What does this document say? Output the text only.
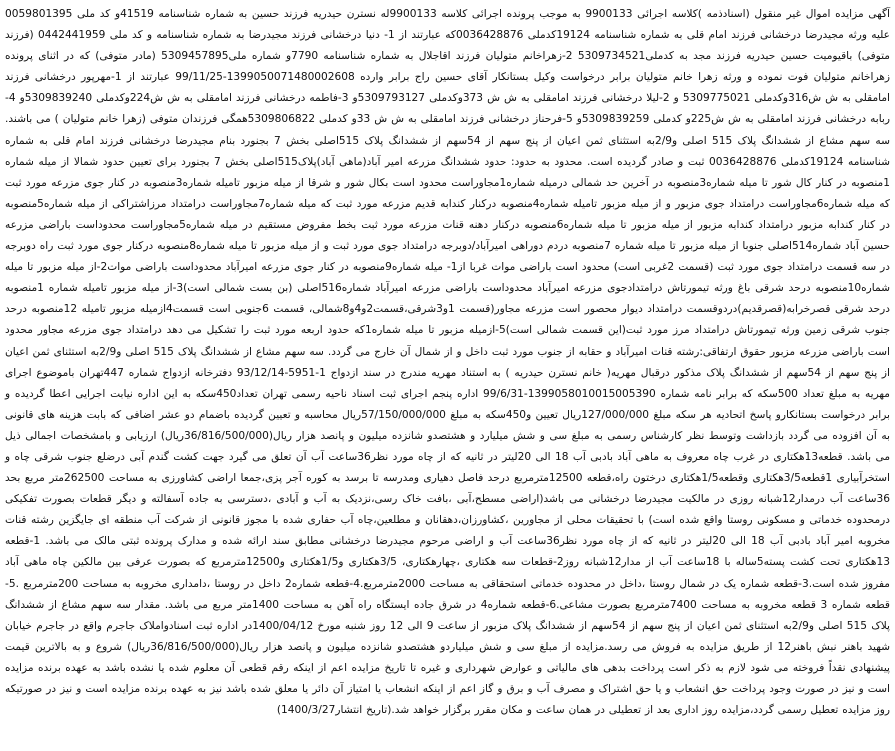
آگهی مزایده اموال غیر منقول (اسنادذمه )کلاسه اجرائی 9900133 به موجب پرونده اجرائی کلاسه 9900133له نسترن حیدریه فرزند حسین به شماره شناسنامه 41519و کد ملی 0059801395 علیه ورثه مجیدرضا درخشانی فرزند امام قلی به شماره شناسنامه 19124کدملی 0036428876که عبارتند از 1- دنیا درخشانی فرزند مجیدرضا به شماره شناسنامه و کد ملی 0442441959 (فرزند متوفی) باقیومیت حسین حیدریه فرزند مجد به کدملی5309734521 2-زهراخانم متولیان فرزند اقاجلال به شماره شناسنامه 7790و شماره ملی5309457895 (مادر متوفی) که در اثنای پرونده زهراخانم متولیان فوت نموده و ورثه زهرا خانم متولیان برابر درخواست وکیل بستانکار آقای حسین راج برابر وارده 1399050071480002608-99/11/25 عبارتند از 1-مهرپور درخشانی فرزند امامقلی به ش ش316وکدملی 5309775021 و 2-لیلا درخشانی فرزند امامقلی به ش ش 373وکدملی 5309793127و 3-فاطمه درخشانی فرزند امامقلی به ش ش224وکدملی 5309839240و 4-ربابه درخشانی فرزند امامقلی به ش ش225و کدملی 5309839259و 5-فرحناز درخشانی فرزند امامقلی به ش ش 33و کدملی 5309806822همگی فرزندان متوفی (زهرا خانم متولیان ) می باشند. سه سهم مشاع از ششدانگ پلاک 515 اصلی و2/9به استثنای ثمن اعیان از پنج سهم از 54سهم از ششدانگ پلاک 515اصلی بخش 7 بجنورد بنام مجیدرضا درخشانی فرزند امام قلی به شماره شناسنامه 19124کدملی 0036428876 ثبت و صادر گردیده است. محدود به حدود: حدود ششدانگ مزرعه امیر آباد(ماهی آباد)پلاک515اصلی بخش 7 بجنورد برای تعیین حدود شمالا از میله شماره 1منصوبه در کنار کال شور تا میله شماره3منصوبه در آخرین حد شمالی درمیله شماره1مجاوراست محدود است بکال شور و شرقا از میله مزبور تامیله شماره3منصوبه در کنار جوی مزرعه مورد ثبت که میله شماره6مجاوراست درامتداد جوی مزبور و از میله مزبور تامیله شماره4منصوبه درکنار کندابه قدیم مزرعه مورد ثبت که میله شماره7مجاوراست درامتداد مرزاشتراکی از میله شماره5منصوبه در کنار کندابه مزبور درامتداد کندابه مزبور از میله مزبور تا میله شماره6منصوبه درکنار دهنه قنات مزرعه مورد ثبت بخط مفروض مستقیم در میله شماره5مجاوراست محدوداست باراضی مزرعه حسین آباد شماره514اصلی جنوبا از میله مزبور تا میله شماره 7منصوبه دردم دوراهی امیرآباد/دوبرجه درامتداد جوی مورد ثبت و از میله مزبور تا میله شماره8منصوبه درکنار جوی مورد ثبت راه دوبرجه در سه قسمت درامتداد جوی مورد ثبت (قسمت 2غربی است) محدود است باراضی موات غربا از1- میله شماره9منصوبه در کنار جوی مزرعه امیرآباد محدوداست باراضی موات2-از میله مزبور تا میله شماره10منصوبه درحد شرقی باغ ورثه تیمورتاش درامتدادجوی مزرعه امیرآباد محدوداست باراضی مزرعه امیرآباد شماره516اصلی (بن بست شمالی است)3-از میله مزبور تامیله شماره 1منصوبه درحد شرقی قصرخرابه(قصرقدیم)دردوقسمت درامتداد دیوار محصور است مزرعه مجاور(قسمت 1و3شرقی،قسمت2و4و8شمالی، قسمت 6جنوبی است قسمت4ازمیله مزبور تامیله 12منصوبه درحد جنوب شرقی زمین ورثه تیمورتاش درامتداد مرز مورد ثبت(این قسمت شمالی است)5-ازمیله مزبور تا میله شماره1که حدود اربعه مورد ثبت را تشکیل می دهد درامتداد جوی مزرعه مجاور محدود است باراضی مزرعه مزبور حقوق ارتفاقی:رشته قنات امیرآباد و حقابه از جنوب مورد ثبت داخل و از شمال آن خارج می گردد. سه سهم مشاع از ششدانگ پلاک 515 اصلی و2/9به استثنای ثمن اعیان از پنج سهم از 54سهم از ششدانگ پلاک مذکور درقبال مهریه( خانم نسترن حیدریه ) به استناد مهریه مندرج در سند ازدواج 1-5951-93/12/14 دفترخانه ازدواج شماره 447تهران باموضوع اجرای مهریه به مبلغ تعداد 500سکه که برابر نامه شماره 1399058010015005390-99/6/31 اداره پنجم اجرای ثبت اسناد ناحیه رسمی تهران تعداد450سکه به این اداره نیابت اجرایی اعطا گردیده و برابر درخواست بستانکارو پاسخ اتحادیه هر سکه مبلغ 127/000/000ریال تعیین و450سکه به مبلغ 57/150/000/000ریال محاسبه و تعیین گردیده باضمام دو عشر اضافی که بابت هزینه های قانونی به آن افزوده می گردد بازداشت وتوسط نظر کارشناس رسمی به مبلغ سی و شش میلیارد و هشتصدو شانزده میلیون و پانصد هزار ریال(36/816/500/000ریال) ارزیابی و بامشخصات اجمالی ذیل می باشد. قطعه13هکتاری در غرب چاه معروف به ماهی آباد بادبی آب 18 الی 20لیتر در ثانیه که از چاه مورد نظر36ساعت آب آن تعلق می گیرد جهت کشت گندم آبی درضلع جنوب شرقی چاه و استخرآبیاری 1قطعه3/5هکتاری وقطعه1/5هکتاری درختون راه،قطعه 12500مترمربع درحد فاصل دهیاری ومدرسه تا برسد به کوره آجر پزی،جمعا اراضی کشاورزی به مساحت 262500متر مربع بحد 36ساعت آب درمدار12شبانه روزی در مالکیت مجیدرضا درخشانی می باشد(اراضی مسطح،آبی ،بافت خاک رسی،نزدیک به آب و آبادی ،دسترسی به جاده آسفالته و دیگر قطعات بصورت تفکیکی درمحدوده خدماتی و مسکونی روستا واقع شده است) با تحقیقات محلی از مجاورین ،کشاورزان،دهقانان و مطلعین،چاه آب حفاری شده با مجوز قانونی از شرکت آب منطقه ای جایگزین رشته قنات مخروبه امیر آباد بادبی آب 18 الی 20لیتر در ثانیه که از چاه مورد نظر36ساعت آب و اراضی مرحوم مجیدرضا درخشانی مطابق سند ارائه شده و مدارک پرونده ثبتی مالک می باشد. 1-قطعه 13هکتاری تحت کشت پسته5ساله با 18ساعت آب از مدار12شبانه روز2-قطعات سه هکتاری ،چهارهکتاری، 3/5هکتاری و1/5هکتاری و12500مترمربع که بصورت عرفی بین مالکین چاه ماهی آباد مفروز شده است.3-قطعه شماره یک در شمال روستا ،داخل در محدوده خدماتی استحقاقی به مساحت 2000مترمربع.4-قطعه شماره2 داخل در روستا ،دامداری مخروبه به مساحت 200مترمربع .5- قطعه شماره 3 قطعه مخروبه به مساحت 7400مترمربع بصورت مشاعی.6-قطعه شماره4 در شرق جاده ایستگاه راه آهن به مساحت 1400متر مربع می باشد. مقدار سه سهم مشاع از ششدانگ پلاک 515 اصلی و2/9به استثنای ثمن اعیان از پنج سهم از 54سهم از ششدانگ پلاک مزبور از ساعت 9 الی 12 روز شنبه مورخ 1400/04/12در اداره ثبت اسنادواملاک جاجرم واقع در جاجرم خیابان شهید باهنر نبش باهنر12 از طریق مزایده به فروش می رسد.مزایده از مبلغ سی و شش میلیاردو هشتصدو شانزده میلیون و پانصد هزار ریال(36/816/500/000ریال) شروع و به بالاترین قیمت پیشنهادی نقداً فروخته می شود لازم به ذکر است پرداخت بدهی های مالیاتی و عوارض شهرداری و غیره تا تاریخ مزایده اعم از اینکه رقم قطعی آن معلوم شده یا نشده باشد به عهده برنده مزایده است و نیز در صورت وجود پرداخت حق انشعاب و یا حق اشتراک و مصرف آب و برق و گاز اعم از اینکه انشعاب یا امتیاز آن دائر یا معلق شده باشد نیز به عهده برنده مزایده است و نیز در صورتیکه روز مزایده تعطیل رسمی گردد،مزایده روز اداری بعد از تعطیلی در همان ساعت و مکان مقرر برگزار خواهد شد.(تاریخ انتشار1400/3/27)
